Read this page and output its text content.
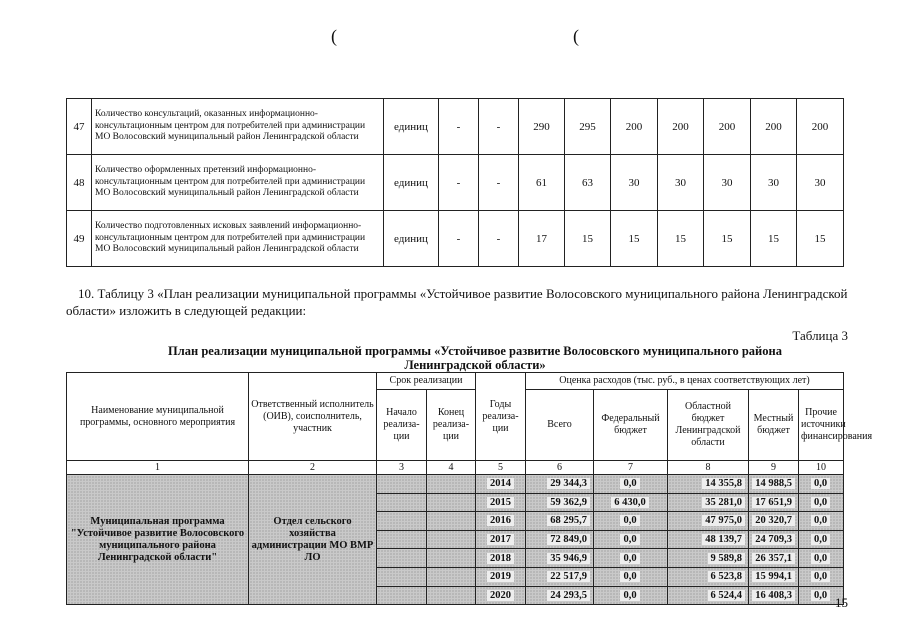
(	(
47	Количество консультаций, оказанных информационно-консультационным центром для потребителей при администрации МО Волосовский муниципальный район Ленинградской области	единиц	-	-	290	295	200	200	200	200	200
48	Количество оформленных претензий информационно-консультационным центром для потребителей при администрации МО Волосовский муниципальный район Ленинградской области	единиц	-	-	61	63	30	30	30	30	30
49	Количество подготовленных исковых заявлений информационно-консультационным центром для потребителей при администрации МО Волосовский муниципальный район Ленинградской области	единиц	-	-	17	15	15	15	15	15	15
10. Таблицу 3 «План реализации муниципальной программы «Устойчивое развитие Волосовского муниципального района Ленинградской области» изложить в следующей редакции:
Таблица 3
План реализации муниципальной программы «Устойчивое развитие Волосовского муниципального района Ленинградской области»
Наименование муниципальной программы, основного мероприятия	Ответственный исполнитель (ОИВ), соисполнитель, участник	Срок реализации		Годы реализа-ции	Оценка расходов (тыс. руб., в ценах соответствующих лет)				
		Начало реализа-ции	Конец реализа-ции		Всего	Федеральный бюджет	Областной бюджет Ленинградской области	Местный бюджет	Прочие источники финансирования
1	2	3	4	5	6	7	8	9	10
Муниципальная программа "Устойчивое развитие Волосовского муниципального района Ленинградской области"	Отдел сельского хозяйства администрации МО ВМР ЛО			2014	29 344,3	0,0	14 355,8	14 988,5	0,0
				2015	59 362,9	6 430,0	35 281,0	17 651,9	0,0
				2016	68 295,7	0,0	47 975,0	20 320,7	0,0
				2017	72 849,0	0,0	48 139,7	24 709,3	0,0
				2018	35 946,9	0,0	9 589,8	26 357,1	0,0
				2019	22 517,9	0,0	6 523,8	15 994,1	0,0
				2020	24 293,5	0,0	6 524,4	16 408,3	0,0 15
